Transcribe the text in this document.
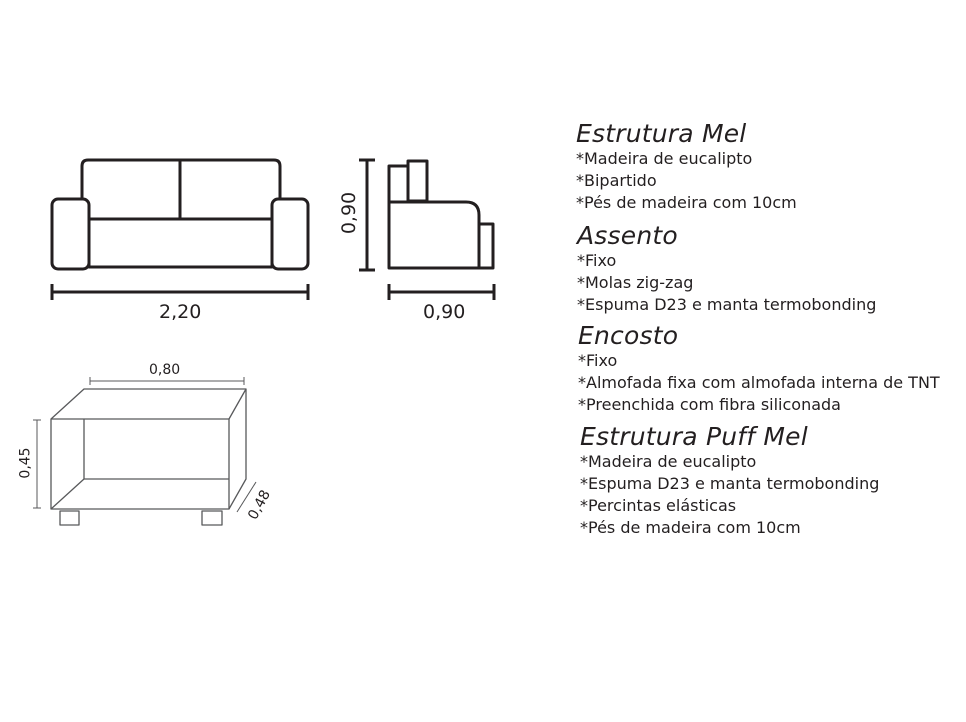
2,20
0,90
0,90
0,80
0,45
0,48
Estrutura Mel
*Madeira de eucalipto
*Bipartido
*Pés de madeira com 10cm
Assento
*Fixo
*Molas zig-zag
*Espuma D23 e manta termobonding
Encosto
*Fixo
*Almofada fixa com almofada interna de TNT
*Preenchida com fibra siliconada
Estrutura Puff Mel
*Madeira de eucalipto
*Espuma D23 e manta termobonding
*Percintas elásticas
*Pés de madeira com 10cm
